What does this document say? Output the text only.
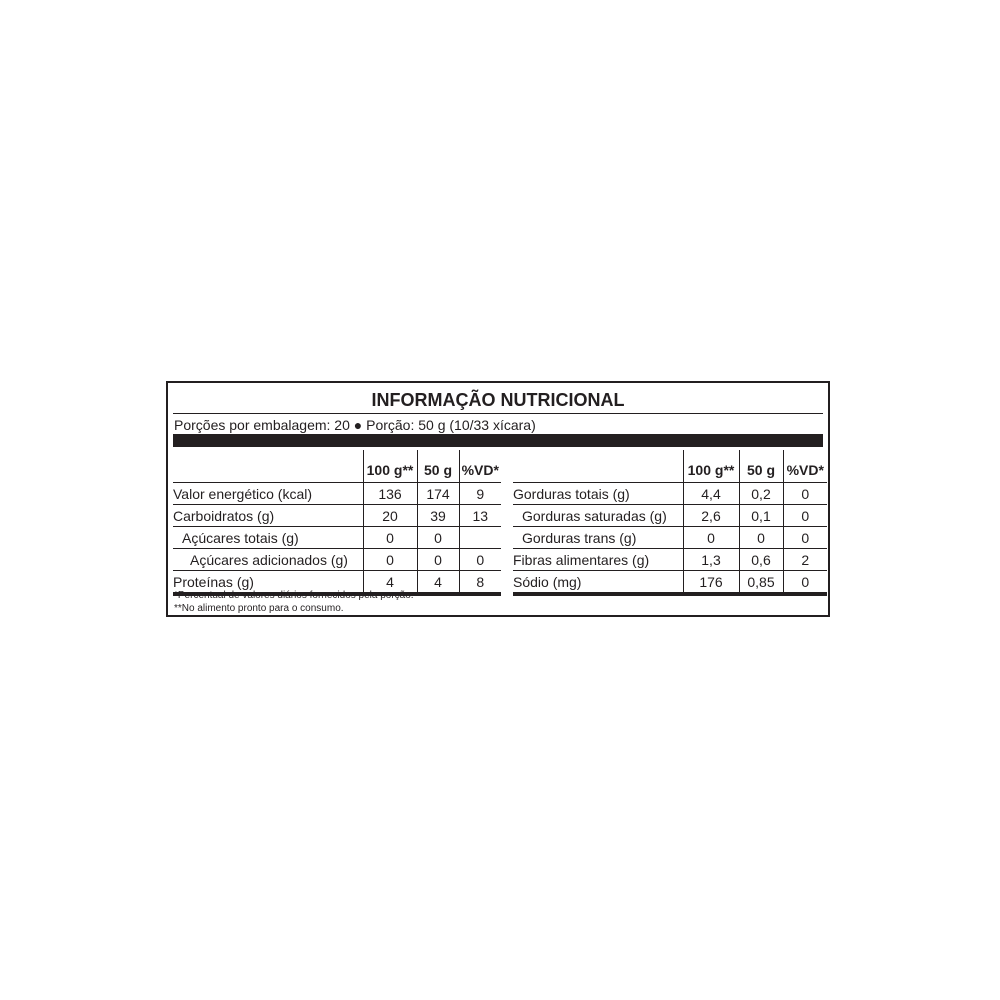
INFORMAÇÃO NUTRICIONAL
Porções por embalagem: 20 ● Porção: 50 g (10/33 xícara)
	100 g**	50 g	%VD*
Valor energético (kcal)	136	174	9
Carboidratos (g)	20	39	13
Açúcares totais (g)	0	0	
Açúcares adicionados (g)	0	0	0
Proteínas (g)	4	4	8
	100 g**	50 g	%VD*
Gorduras totais (g)	4,4	0,2	0
Gorduras saturadas (g)	2,6	0,1	0
Gorduras trans (g)	0	0	0
Fibras alimentares (g)	1,3	0,6	2
Sódio (mg)	176	0,85	0
*Percentual de valores diários fornecidos pela porção.
**No alimento pronto para o consumo.
